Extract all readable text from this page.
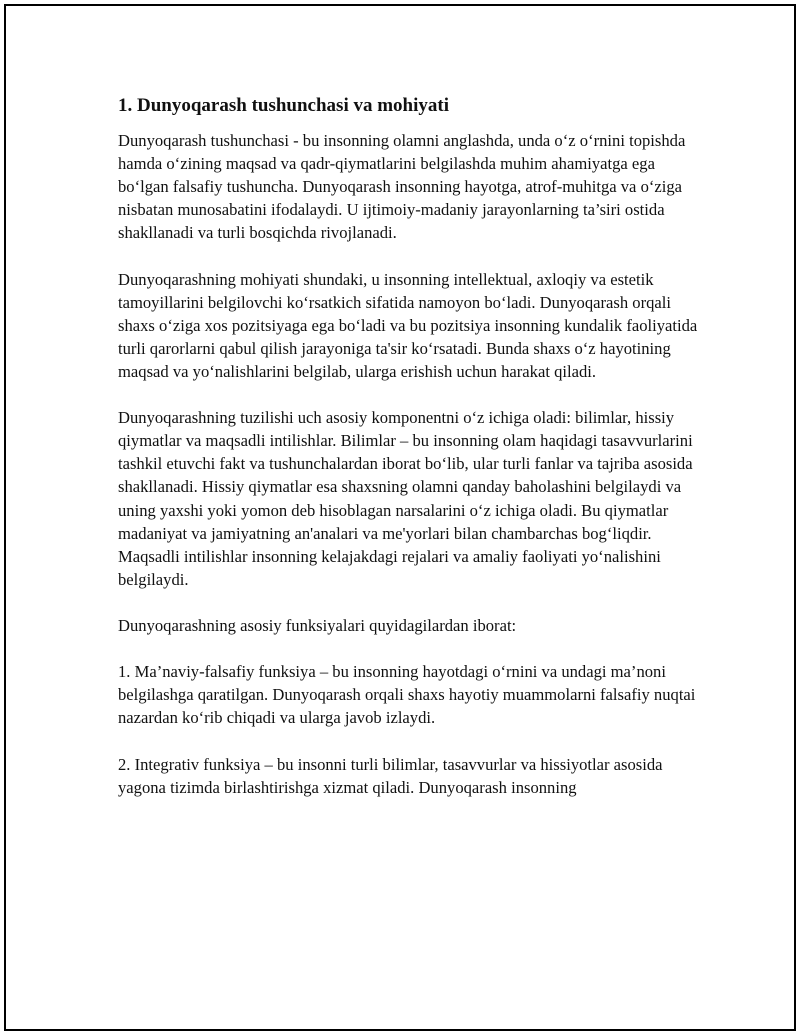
1. Dunyoqarash tushunchasi va mohiyati

Dunyoqarash tushunchasi - bu insonning olamni anglashda, unda o‘z o‘rnini topishda hamda o‘zining maqsad va qadr-qiymatlarini belgilashda muhim ahamiyatga ega bo‘lgan falsafiy tushuncha. Dunyoqarash insonning hayotga, atrof-muhitga va o‘ziga nisbatan munosabatini ifodalaydi. U ijtimoiy-madaniy jarayonlarning ta’siri ostida shakllanadi va turli bosqichda rivojlanadi.

Dunyoqarashning mohiyati shundaki, u insonning intellektual, axloqiy va estetik tamoyillarini belgilovchi ko‘rsatkich sifatida namoyon bo‘ladi. Dunyoqarash orqali shaxs o‘ziga xos pozitsiyaga ega bo‘ladi va bu pozitsiya insonning kundalik faoliyatida turli qarorlarni qabul qilish jarayoniga ta'sir ko‘rsatadi. Bunda shaxs o‘z hayotining maqsad va yo‘nalishlarini belgilab, ularga erishish uchun harakat qiladi.

Dunyoqarashning tuzilishi uch asosiy komponentni o‘z ichiga oladi: bilimlar, hissiy qiymatlar va maqsadli intilishlar. Bilimlar – bu insonning olam haqidagi tasavvurlarini tashkil etuvchi fakt va tushunchalardan iborat bo‘lib, ular turli fanlar va tajriba asosida shakllanadi. Hissiy qiymatlar esa shaxsning olamni qanday baholashini belgilaydi va uning yaxshi yoki yomon deb hisoblagan narsalarini o‘z ichiga oladi. Bu qiymatlar madaniyat va jamiyatning an'analari va me'yorlari bilan chambarchas bog‘liqdir. Maqsadli intilishlar insonning kelajakdagi rejalari va amaliy faoliyati yo‘nalishini belgilaydi.

Dunyoqarashning asosiy funksiyalari quyidagilardan iborat:

1. Ma’naviy-falsafiy funksiya – bu insonning hayotdagi o‘rnini va undagi ma’noni belgilashga qaratilgan. Dunyoqarash orqali shaxs hayotiy muammolarni falsafiy nuqtai nazardan ko‘rib chiqadi va ularga javob izlaydi.

2. Integrativ funksiya – bu insonni turli bilimlar, tasavvurlar va hissiyotlar asosida yagona tizimda birlashtirishga xizmat qiladi. Dunyoqarash insonning
